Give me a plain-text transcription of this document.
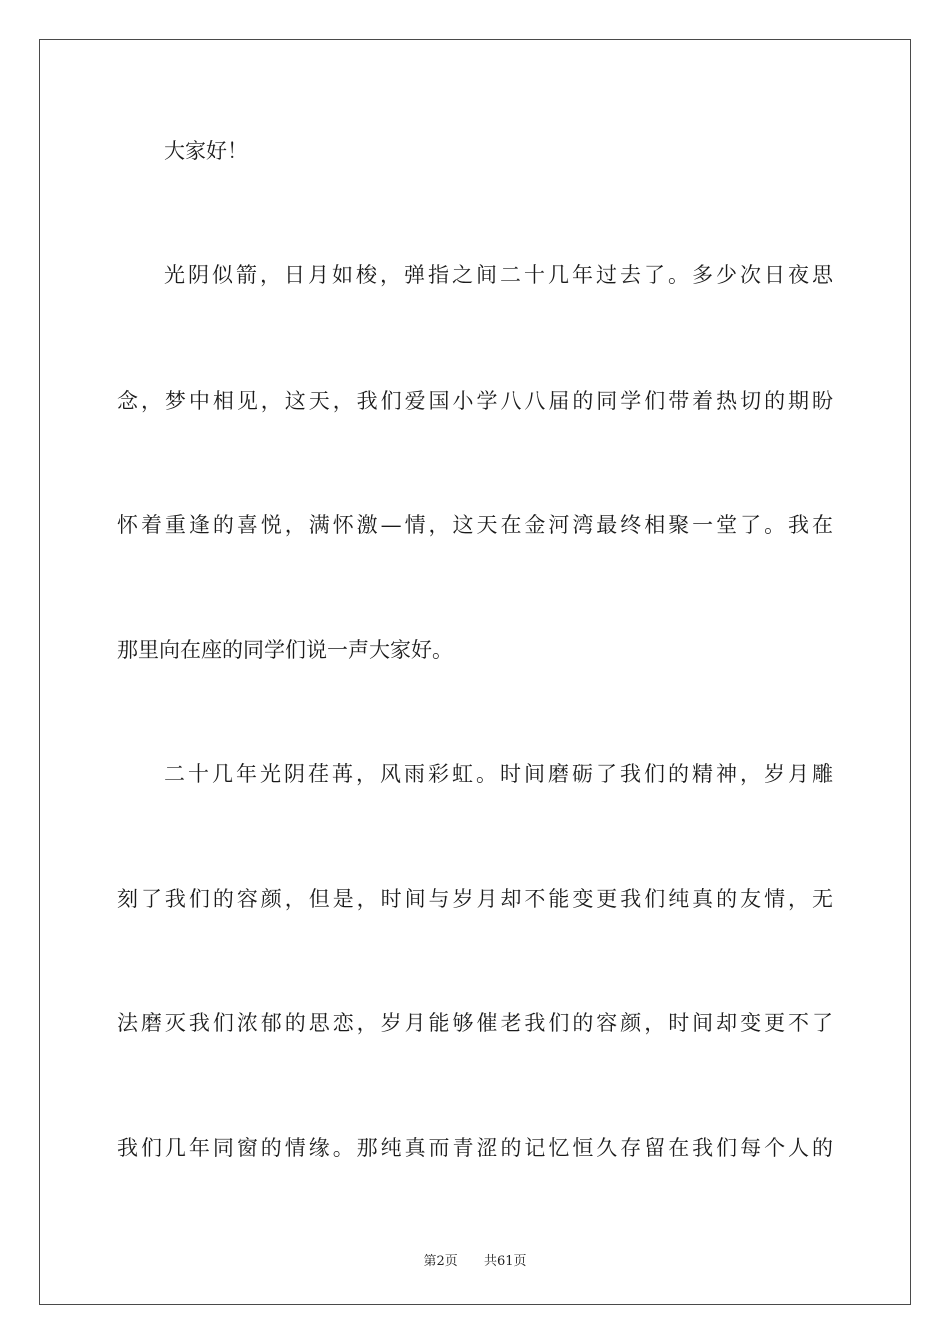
大家好！
光阴似箭，日月如梭，弹指之间二十几年过去了。多少次日夜思
念，梦中相见，这天，我们爱国小学八八届的同学们带着热切的期盼
怀着重逢的喜悦，满怀激—情，这天在金河湾最终相聚一堂了。我在
那里向在座的同学们说一声大家好。
二十几年光阴荏苒，风雨彩虹。时间磨砺了我们的精神，岁月雕
刻了我们的容颜，但是，时间与岁月却不能变更我们纯真的友情，无
法磨灭我们浓郁的思恋，岁月能够催老我们的容颜，时间却变更不了
我们几年同窗的情缘。那纯真而青涩的记忆恒久存留在我们每个人的
第2页 共61页
